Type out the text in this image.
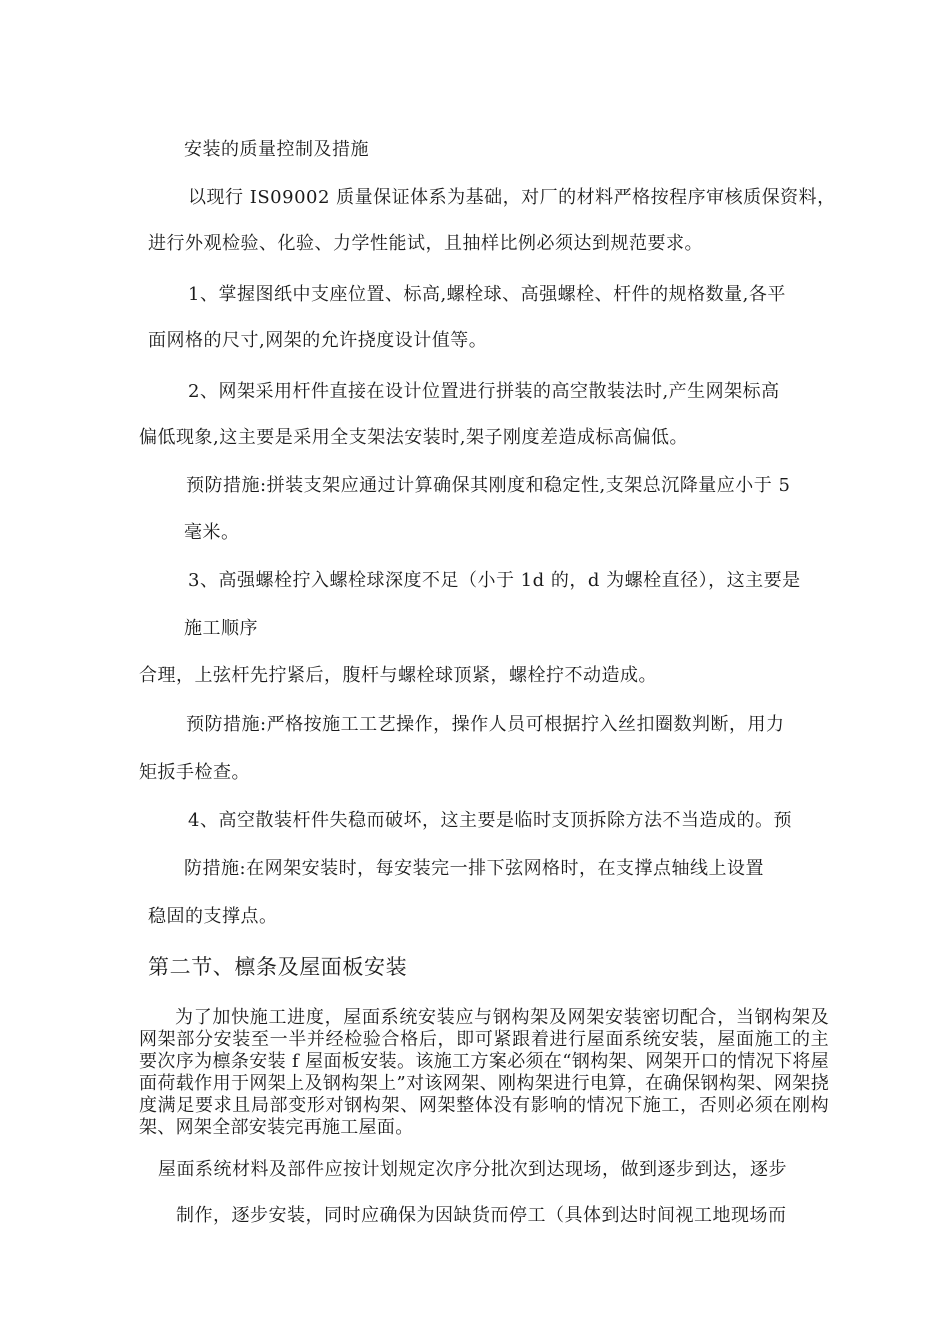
安装的质量控制及措施
以现行 IS09002 质量保证体系为基础，对厂的材料严格按程序审核质保资料，
进行外观检验、化验、力学性能试，且抽样比例必须达到规范要求。
1、掌握图纸中支座位置、标高,螺栓球、高强螺栓、杆件的规格数量,各平
面网格的尺寸,网架的允许挠度设计值等。
2、网架采用杆件直接在设计位置进行拼装的高空散装法时,产生网架标高
偏低现象,这主要是采用全支架法安装时,架子刚度差造成标高偏低。
预防措施:拼装支架应通过计算确保其刚度和稳定性,支架总沉降量应小于 5
毫米。
3、高强螺栓拧入螺栓球深度不足（小于 1d 的，d 为螺栓直径），这主要是
施工顺序
合理，上弦杆先拧紧后，腹杆与螺栓球顶紧，螺栓拧不动造成。
预防措施:严格按施工工艺操作，操作人员可根据拧入丝扣圈数判断，用力
矩扳手检查。
4、高空散装杆件失稳而破坏，这主要是临时支顶拆除方法不当造成的。预
防措施:在网架安装时，每安装完一排下弦网格时，在支撑点轴线上设置
稳固的支撑点。
第二节、檩条及屋面板安装
为了加快施工进度，屋面系统安装应与钢构架及网架安装密切配合，当钢构架及网架部分安装至一半并经检验合格后，即可紧跟着进行屋面系统安装，屋面施工的主要次序为檩条安装 f 屋面板安装。该施工方案必须在“钢构架、网架开口的情况下将屋面荷载作用于网架上及钢构架上”对该网架、刚构架进行电算，在确保钢构架、网架挠度满足要求且局部变形对钢构架、网架整体没有影响的情况下施工，否则必须在刚构架、网架全部安装完再施工屋面。
屋面系统材料及部件应按计划规定次序分批次到达现场，做到逐步到达，逐步
制作，逐步安装，同时应确保为因缺货而停工（具体到达时间视工地现场而
